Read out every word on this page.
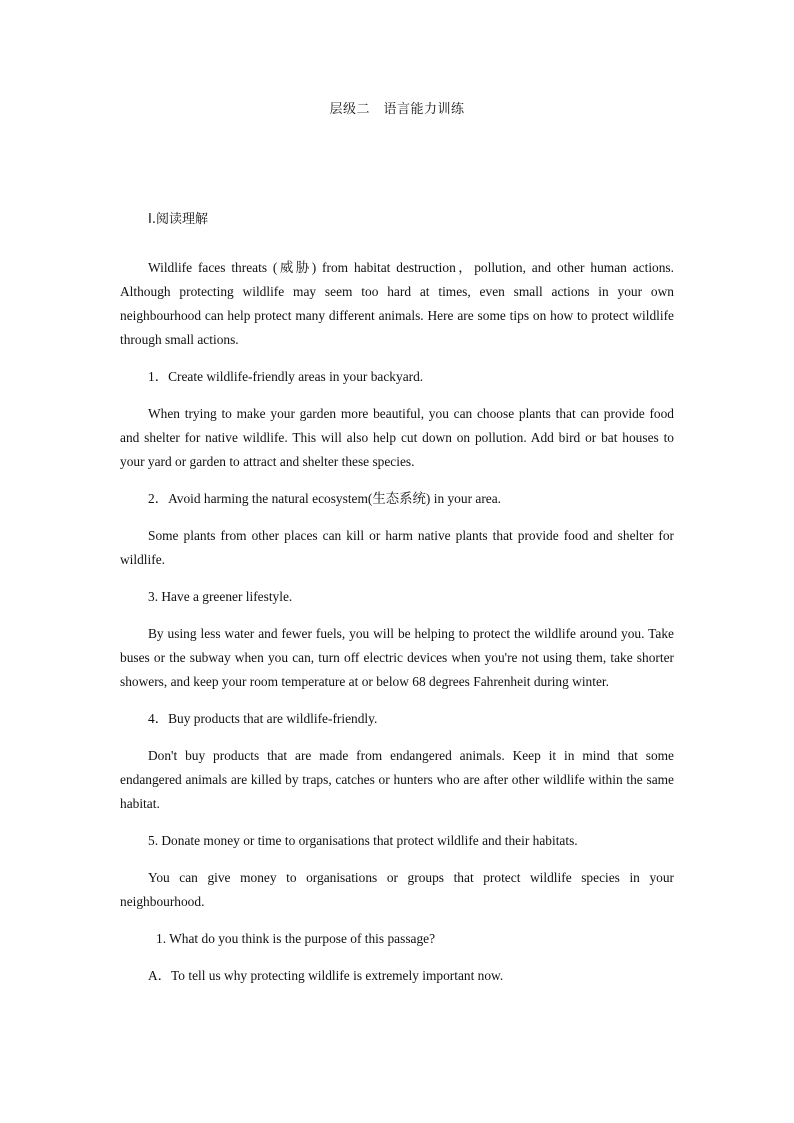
层级二　语言能力训练

Ⅰ.阅读理解

Wildlife faces threats (威胁) from habitat destruction，pollution, and other human actions. Although protecting wildlife may seem too hard at times, even small actions in your own neighbourhood can help protect many different animals. Here are some tips on how to protect wildlife through small actions.

1．Create wildlife-friendly areas in your backyard.

When trying to make your garden more beautiful, you can choose plants that can provide food and shelter for native wildlife. This will also help cut down on pollution. Add bird or bat houses to your yard or garden to attract and shelter these species.

2．Avoid harming the natural ecosystem(生态系统) in your area.

Some plants from other places can kill or harm native plants that provide food and shelter for wildlife.

3. Have a greener lifestyle.

By using less water and fewer fuels, you will be helping to protect the wildlife around you. Take buses or the subway when you can, turn off electric devices when you're not using them, take shorter showers, and keep your room temperature at or below 68 degrees Fahrenheit during winter.

4．Buy products that are wildlife-friendly.

Don't buy products that are made from endangered animals. Keep it in mind that some endangered animals are killed by traps, catches or hunters who are after other wildlife within the same habitat.

5. Donate money or time to organisations that protect wildlife and their habitats.

You can give money to organisations or groups that protect wildlife species in your neighbourhood.

1. What do you think is the purpose of this passage?

A．To tell us why protecting wildlife is extremely important now.
